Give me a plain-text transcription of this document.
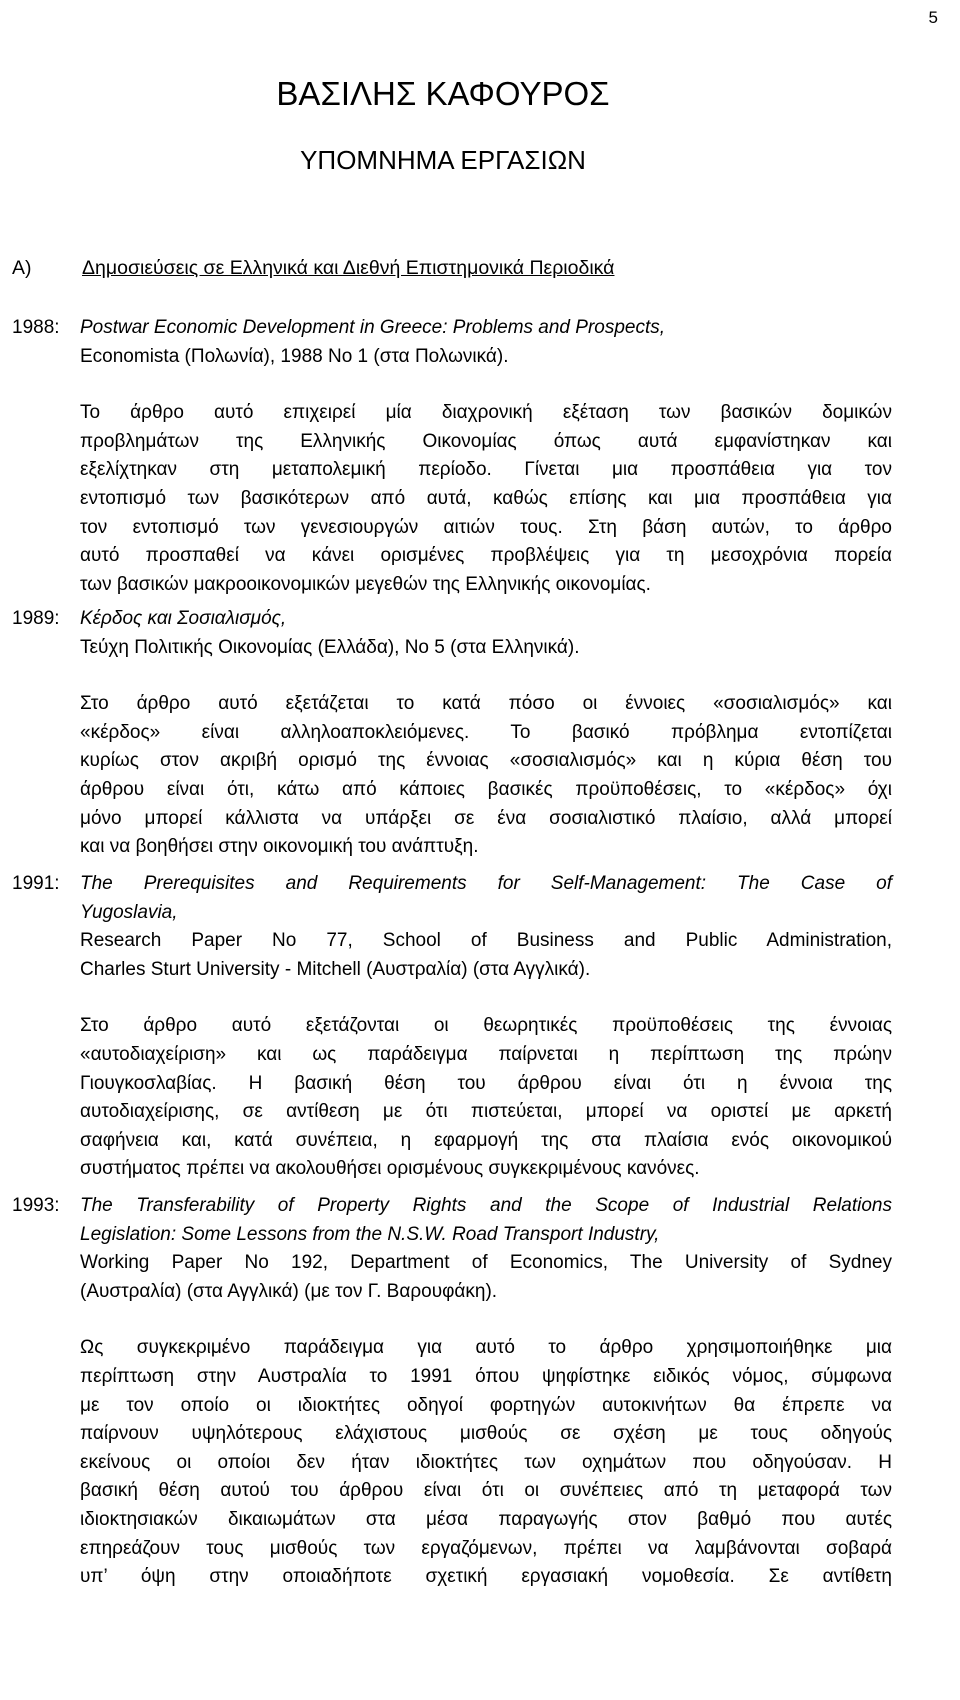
5
ΒΑΣΙΛΗΣ ΚΑΦΟΥΡΟΣ
ΥΠΟΜΝΗΜΑ ΕΡΓΑΣΙΩΝ
A)	Δημοσιεύσεις σε Ελληνικά και Διεθνή Επιστημονικά Περιοδικά
1988: Postwar Economic Development in Greece: Problems and Prospects,
Economista (Πολωνία), 1988 No 1 (στα Πολωνικά).

Το άρθρο αυτό επιχειρεί μία διαχρονική εξέταση των βασικών δομικών

προβλημάτων της Ελληνικής Οικονομίας όπως αυτά εμφανίστηκαν και

εξελίχτηκαν στη μεταπολεμική περίοδο. Γίνεται μια προσπάθεια για τον

εντοπισμό των βασικότερων από αυτά, καθώς επίσης και μια προσπάθεια για

τον εντοπισμό των γενεσιουργών αιτιών τους. Στη βάση αυτών, το άρθρο

αυτό προσπαθεί να κάνει ορισμένες προβλέψεις για τη μεσοχρόνια πορεία

των βασικών μακροοικονομικών μεγεθών της Ελληνικής οικονομίας.

1989: Κέρδος και Σοσιαλισμός,
Τεύχη Πολιτικής Οικονομίας (Ελλάδα), No 5 (στα Ελληνικά).

Στο άρθρο αυτό εξετάζεται το κατά πόσο οι έννοιες «σοσιαλισμός» και

«κέρδος» είναι αλληλοαποκλειόμενες. Το βασικό πρόβλημα εντοπίζεται

κυρίως στον ακριβή ορισμό της έννοιας «σοσιαλισμός» και η κύρια θέση του

άρθρου είναι ότι, κάτω από κάποιες βασικές προϋποθέσεις, το «κέρδος» όχι

μόνο μπορεί κάλλιστα να υπάρξει σε ένα σοσιαλιστικό πλαίσιο, αλλά μπορεί

και να βοηθήσει στην οικονομική του ανάπτυξη.

1991: The Prerequisites and Requirements for Self-Management: The Case of

Yugoslavia,

Research Paper No 77, School of Business and Public Administration,

Charles Sturt University - Mitchell (Αυστραλία) (στα Αγγλικά).

Στο άρθρο αυτό εξετάζονται οι θεωρητικές προϋποθέσεις της έννοιας

«αυτοδιαχείριση» και ως παράδειγμα παίρνεται η περίπτωση της πρώην

Γιουγκοσλαβίας. Η βασική θέση του άρθρου είναι ότι η έννοια της

αυτοδιαχείρισης, σε αντίθεση με ότι πιστεύεται, μπορεί να οριστεί με αρκετή

σαφήνεια και, κατά συνέπεια, η εφαρμογή της στα πλαίσια ενός οικονομικού

συστήματος πρέπει να ακολουθήσει ορισμένους συγκεκριμένους κανόνες.

1993: The Transferability of Property Rights and the Scope of Industrial Relations

Legislation: Some Lessons from the N.S.W. Road Transport Industry,

Working Paper No 192, Department of Economics, The University of Sydney

(Αυστραλία) (στα Αγγλικά) (με τον Γ. Βαρουφάκη).

Ως συγκεκριμένο παράδειγμα για αυτό το άρθρο χρησιμοποιήθηκε μια

περίπτωση στην Αυστραλία το 1991 όπου ψηφίστηκε ειδικός νόμος, σύμφωνα

με τον οποίο οι ιδιοκτήτες οδηγοί φορτηγών αυτοκινήτων θα έπρεπε να

παίρνουν υψηλότερους ελάχιστους μισθούς σε σχέση με τους οδηγούς

εκείνους οι οποίοι δεν ήταν ιδιοκτήτες των οχημάτων που οδηγούσαν. Η

βασική θέση αυτού του άρθρου είναι ότι οι συνέπειες από τη μεταφορά των

ιδιοκτησιακών δικαιωμάτων στα μέσα παραγωγής στον βαθμό που αυτές

επηρεάζουν τους μισθούς των εργαζόμενων, πρέπει να λαμβάνονται σοβαρά

υπ’ όψη στην οποιαδήποτε σχετική εργασιακή νομοθεσία. Σε αντίθετη
